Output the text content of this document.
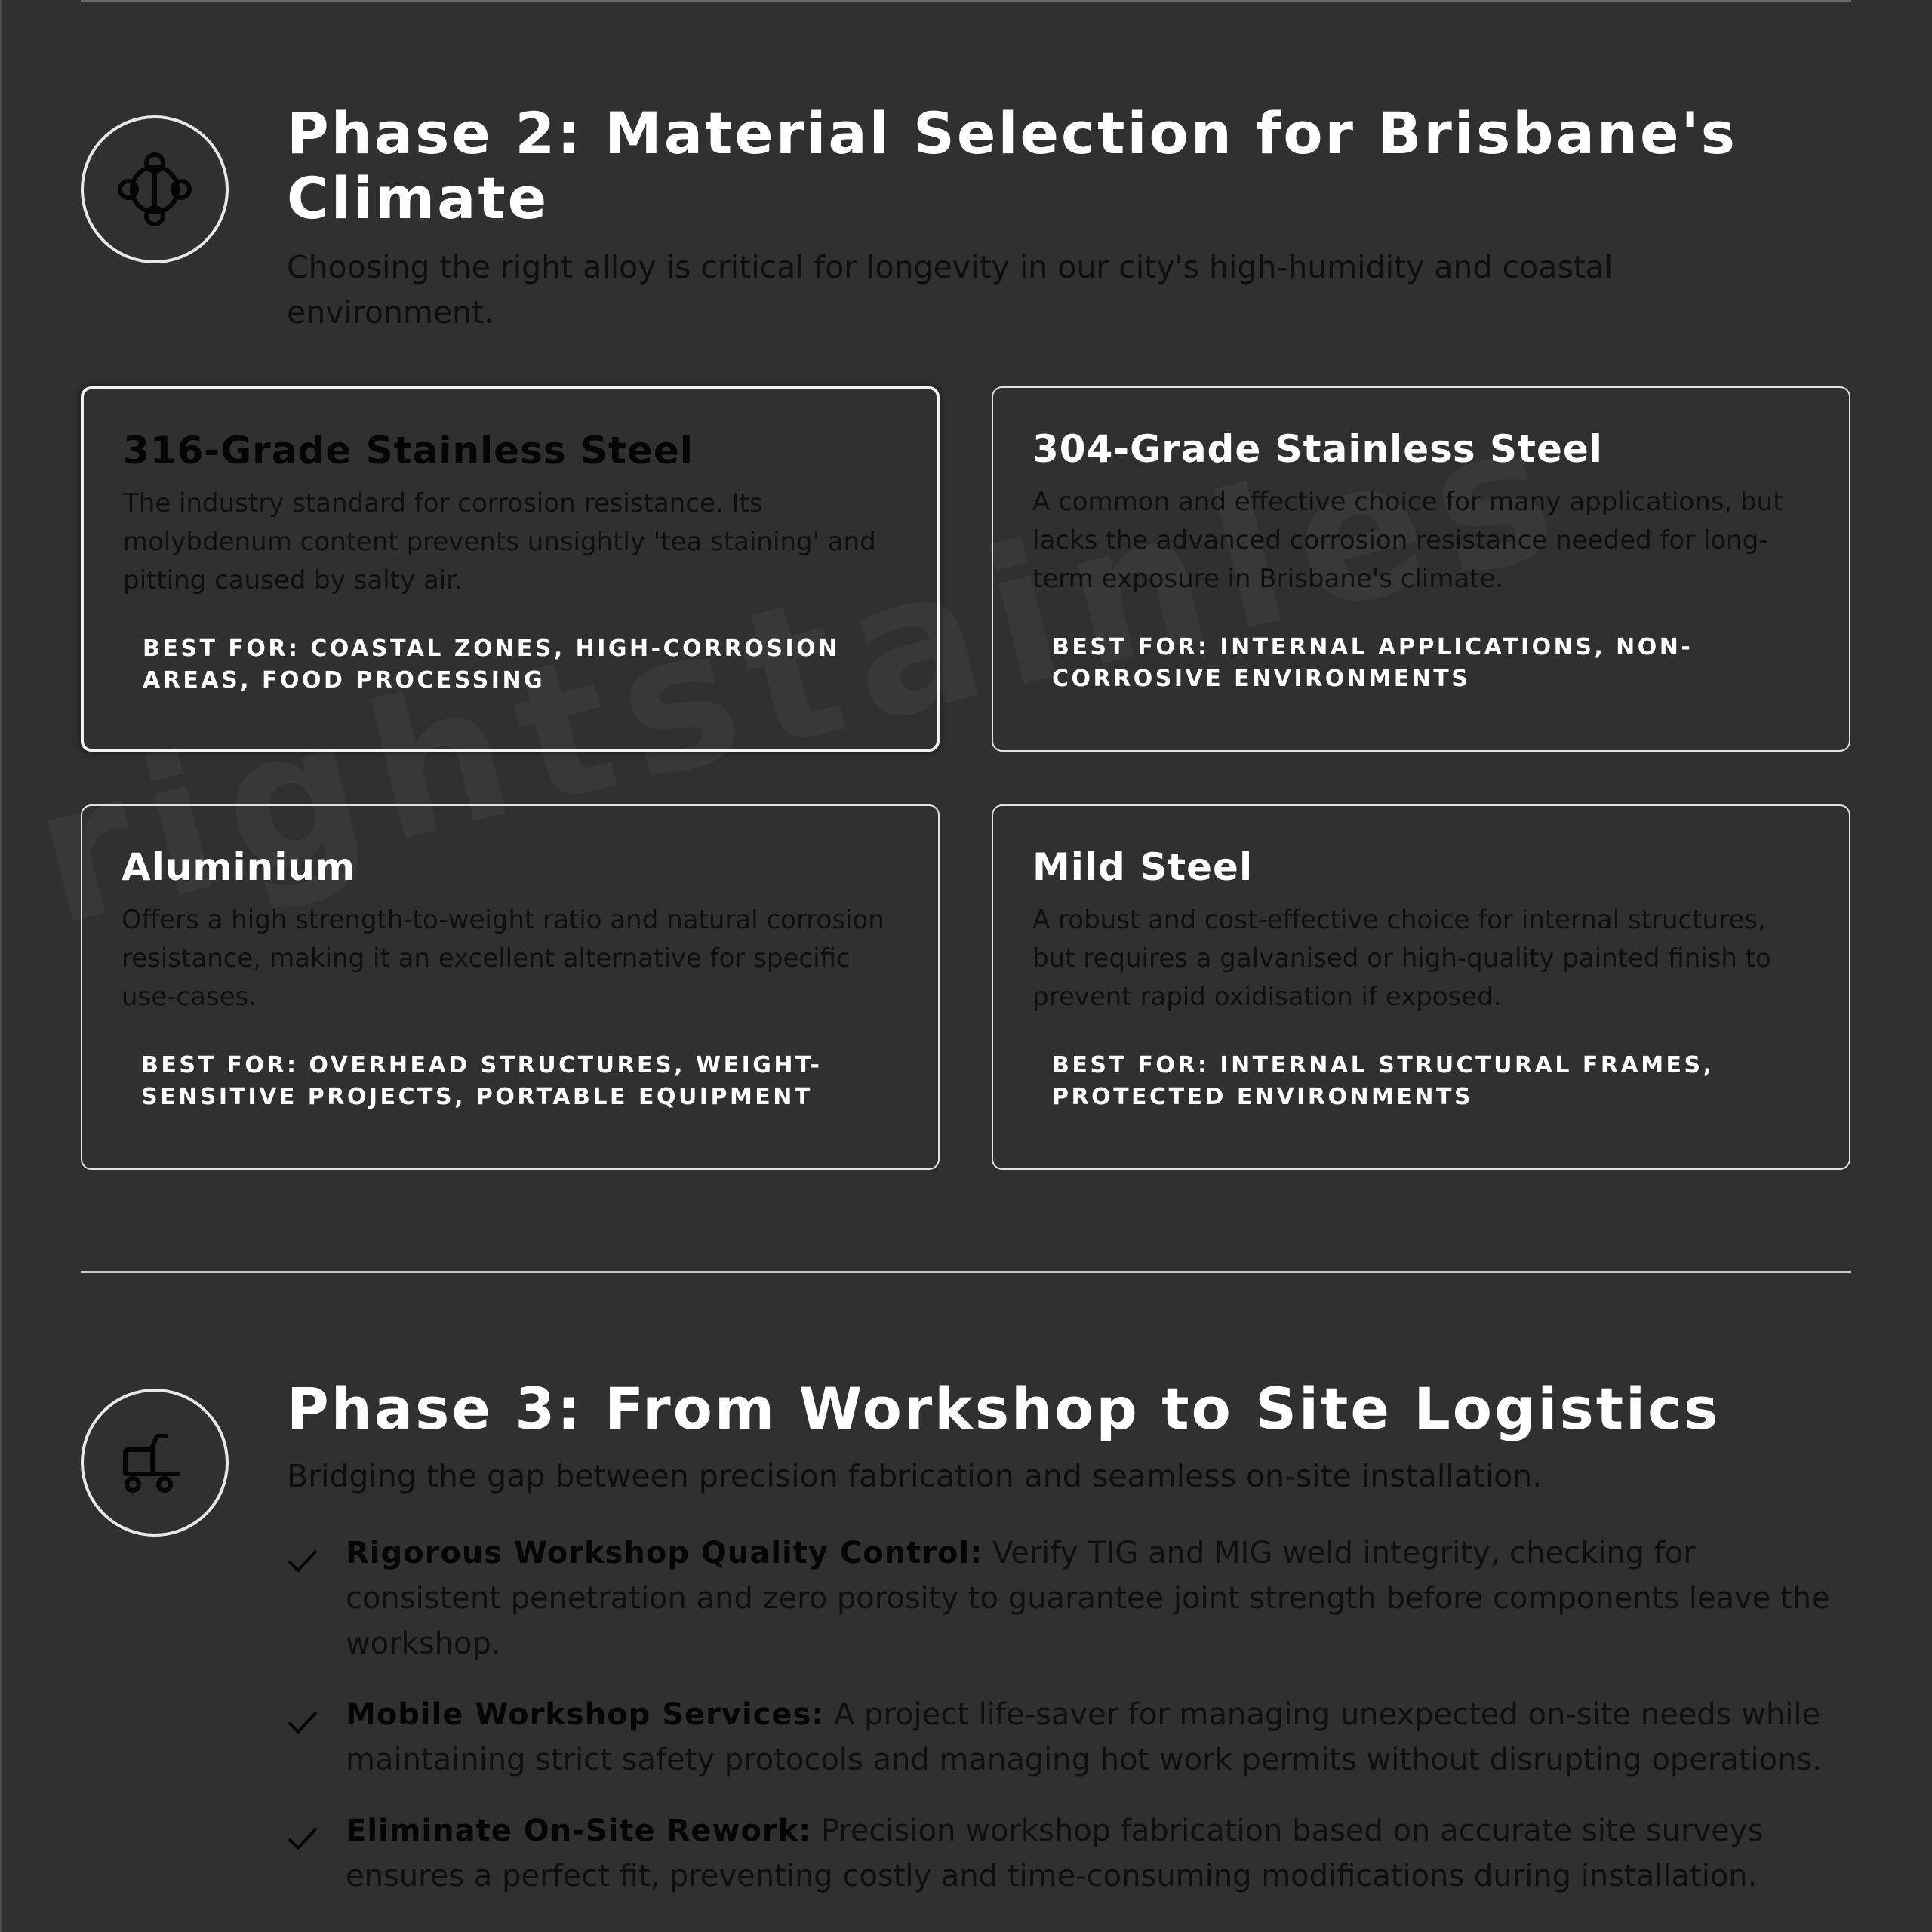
Phase 2: Material Selection for Brisbane's Climate

Choosing the right alloy is critical for longevity in our city's high-humidity and coastal environment.

316-Grade Stainless Steel

The industry standard for corrosion resistance. Its molybdenum content prevents unsightly 'tea staining' and pitting caused by salty air.

BEST FOR: COASTAL ZONES, HIGH-CORROSION AREAS, FOOD PROCESSING
304-Grade Stainless Steel

A common and effective choice for many applications, but lacks the advanced corrosion resistance needed for long-term exposure in Brisbane's climate.

BEST FOR: INTERNAL APPLICATIONS, NON-CORROSIVE ENVIRONMENTS
Aluminium

Offers a high strength-to-weight ratio and natural corrosion resistance, making it an excellent alternative for specific use-cases.

BEST FOR: OVERHEAD STRUCTURES, WEIGHT-SENSITIVE PROJECTS, PORTABLE EQUIPMENT
Mild Steel

A robust and cost-effective choice for internal structures, but requires a galvanised or high-quality painted finish to prevent rapid oxidisation if exposed.

BEST FOR: INTERNAL STRUCTURAL FRAMES, PROTECTED ENVIRONMENTS
Phase 3: From Workshop to Site Logistics

Bridging the gap between precision fabrication and seamless on-site installation.

Rigorous Workshop Quality Control: Verify TIG and MIG weld integrity, checking for consistent penetration and zero porosity to guarantee joint strength before components leave the workshop.
Mobile Workshop Services: A project life-saver for managing unexpected on-site needs while maintaining strict safety protocols and managing hot work permits without disrupting operations.
Eliminate On-Site Rework: Precision workshop fabrication based on accurate site surveys ensures a perfect fit, preventing costly and time-consuming modifications during installation.
